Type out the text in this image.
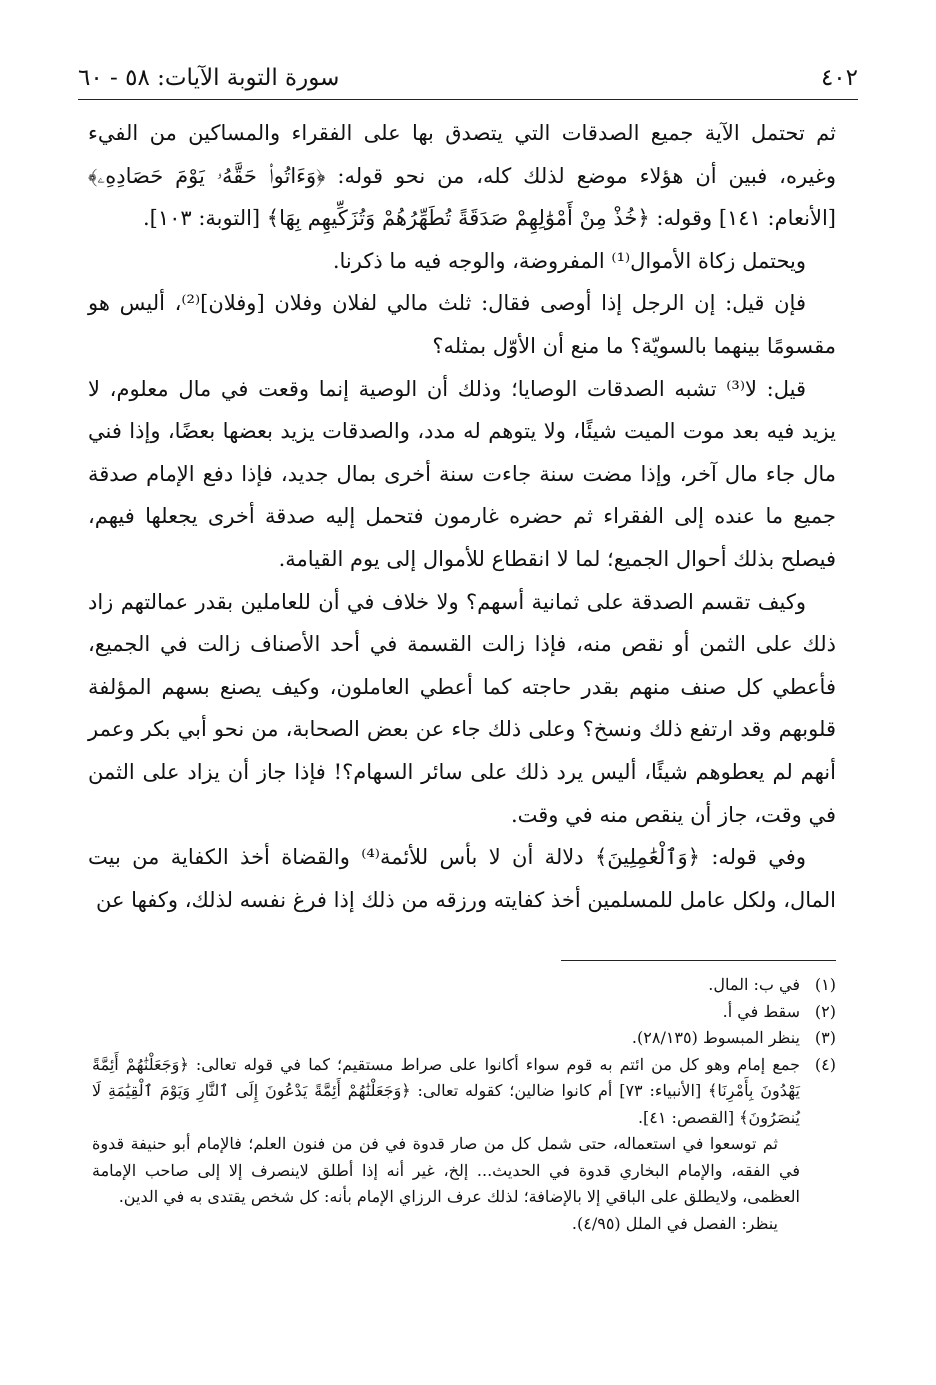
٤٠٢
سورة التوبة الآيات: ٥٨ - ٦٠

ثم تحتمل الآية جميع الصدقات التي يتصدق بها على الفقراء والمساكين من الفيء وغيره، فبين أن هؤلاء موضع لذلك كله، من نحو قوله: ﴿وَءَاتُوا۟ حَقَّهُۥ يَوْمَ حَصَادِهِۦ﴾ [الأنعام: ١٤١] وقوله: ﴿خُذْ مِنْ أَمْوَٰلِهِمْ صَدَقَةً تُطَهِّرُهُمْ وَتُزَكِّيهِم بِهَا﴾ [التوبة: ١٠٣].

ويحتمل زكاة الأموال⁽¹⁾ المفروضة، والوجه فيه ما ذكرنا.

فإن قيل: إن الرجل إذا أوصى فقال: ثلث مالي لفلان وفلان [وفلان]⁽²⁾، أليس هو مقسومًا بينهما بالسويّة؟ ما منع أن الأوّل بمثله؟

قيل: لا⁽³⁾ تشبه الصدقات الوصايا؛ وذلك أن الوصية إنما وقعت في مال معلوم، لا يزيد فيه بعد موت الميت شيئًا، ولا يتوهم له مدد، والصدقات يزيد بعضها بعضًا، وإذا فني مال جاء مال آخر، وإذا مضت سنة جاءت سنة أخرى بمال جديد، فإذا دفع الإمام صدقة جميع ما عنده إلى الفقراء ثم حضره غارمون فتحمل إليه صدقة أخرى يجعلها فيهم، فيصلح بذلك أحوال الجميع؛ لما لا انقطاع للأموال إلى يوم القيامة.

وكيف تقسم الصدقة على ثمانية أسهم؟ ولا خلاف في أن للعاملين بقدر عمالتهم زاد ذلك على الثمن أو نقص منه، فإذا زالت القسمة في أحد الأصناف زالت في الجميع، فأعطي كل صنف منهم بقدر حاجته كما أعطي العاملون، وكيف يصنع بسهم المؤلفة قلوبهم وقد ارتفع ذلك ونسخ؟ وعلى ذلك جاء عن بعض الصحابة، من نحو أبي بكر وعمر أنهم لم يعطوهم شيئًا، أليس يرد ذلك على سائر السهام؟! فإذا جاز أن يزاد على الثمن في وقت، جاز أن ينقص منه في وقت.

وفي قوله: ﴿وَٱلْعَٰمِلِينَ﴾ دلالة أن لا بأس للأئمة⁽⁴⁾ والقضاة أخذ الكفاية من بيت المال، ولكل عامل للمسلمين أخذ كفايته ورزقه من ذلك إذا فرغ نفسه لذلك، وكفها عن

(١)
في ب: المال.
(٢)
سقط في أ.
(٣)
ينظر المبسوط (٢٨/١٣٥).
(٤)
جمع إمام وهو كل من ائتم به قوم سواء أكانوا على صراط مستقيم؛ كما في قوله تعالى: ﴿وَجَعَلْنَٰهُمْ أَئِمَّةً يَهْدُونَ بِأَمْرِنَا﴾ [الأنبياء: ٧٣] أم كانوا ضالين؛ كقوله تعالى: ﴿وَجَعَلْنَٰهُمْ أَئِمَّةً يَدْعُونَ إِلَى ٱلنَّارِ وَيَوْمَ ٱلْقِيَٰمَةِ لَا يُنصَرُونَ﴾ [القصص: ٤١].
ثم توسعوا في استعماله، حتى شمل كل من صار قدوة في فن من فنون العلم؛ فالإمام أبو حنيفة قدوة في الفقه، والإمام البخاري قدوة في الحديث... إلخ، غير أنه إذا أطلق لاينصرف إلا إلى صاحب الإمامة العظمى، ولايطلق على الباقي إلا بالإضافة؛ لذلك عرف الرزاي الإمام بأنه: كل شخص يقتدى به في الدين.
ينظر: الفصل في الملل (٤/٩٥).
